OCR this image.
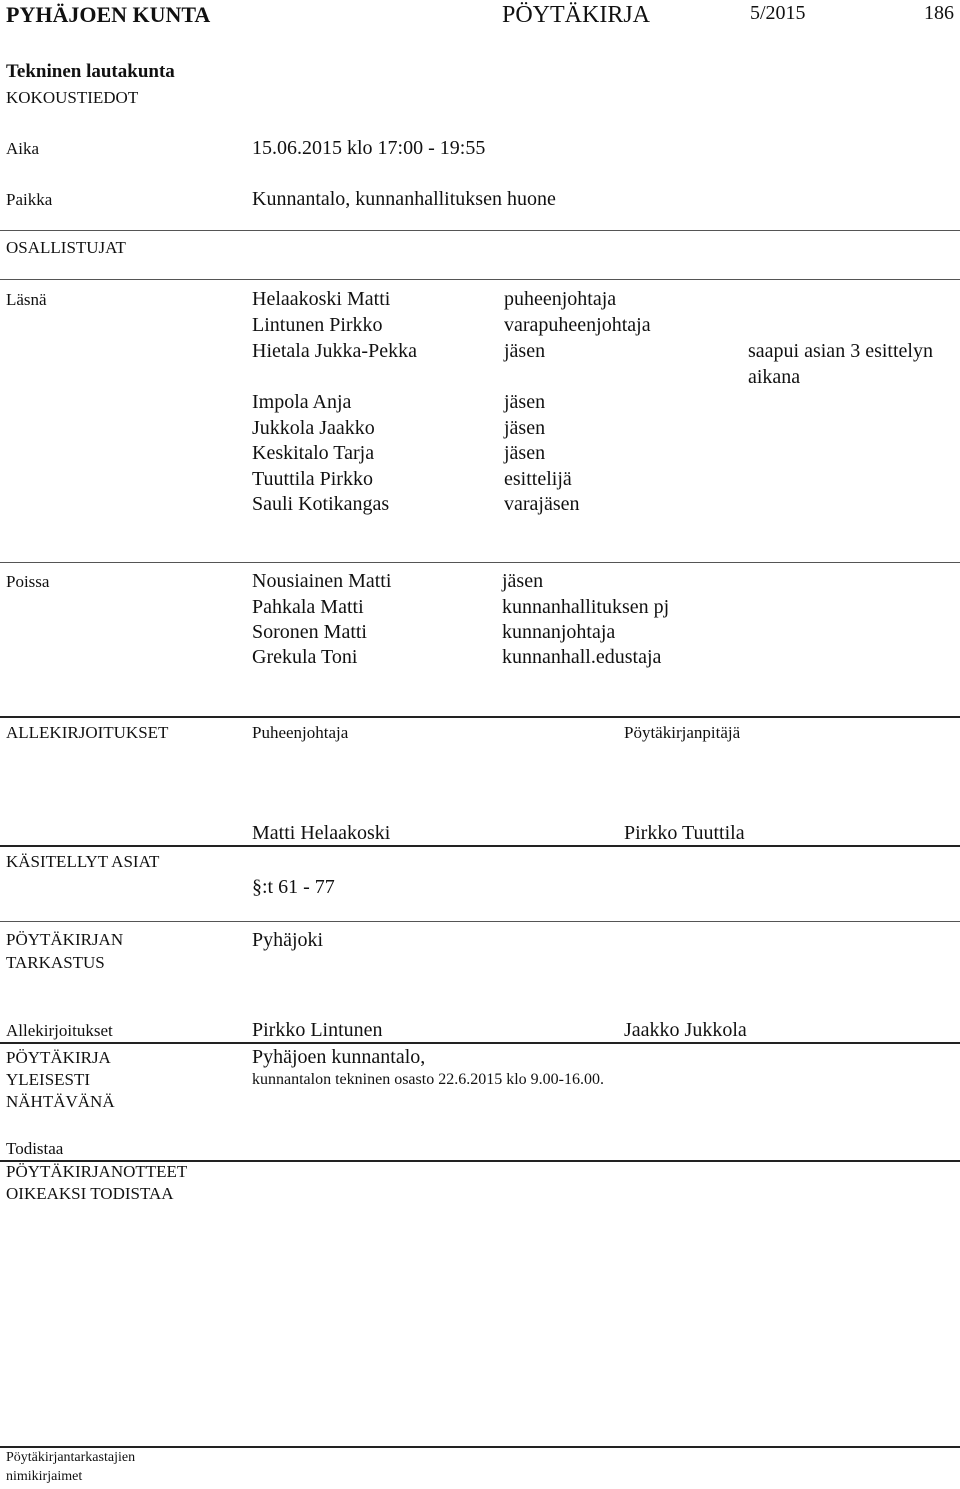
PYHÄJOEN KUNTA	PÖYTÄKIRJA	5/2015	186
Tekninen lautakunta
KOKOUSTIEDOT
Aika	15.06.2015 klo 17:00 - 19:55
Paikka	Kunnantalo, kunnanhallituksen huone
OSALLISTUJAT
Läsnä	Helaakoski Matti	puheenjohtaja
Lintunen Pirkko	varapuheenjohtaja
Hietala Jukka-Pekka	jäsen	saapui asian 3 esittelyn
aikana
Impola Anja	jäsen
Jukkola Jaakko	jäsen
Keskitalo Tarja	jäsen
Tuuttila Pirkko	esittelijä
Sauli Kotikangas	varajäsen
Poissa	Nousiainen Matti	jäsen
Pahkala Matti	kunnanhallituksen pj
Soronen Matti	kunnanjohtaja
Grekula Toni	kunnanhall.edustaja
ALLEKIRJOITUKSET	Puheenjohtaja	Pöytäkirjanpitäjä
Matti Helaakoski	Pirkko Tuuttila
KÄSITELLYT ASIAT
§:t 61 - 77
PÖYTÄKIRJAN
TARKASTUS
Pyhäjoki
Allekirjoitukset	Pirkko Lintunen	Jaakko Jukkola
PÖYTÄKIRJA
YLEISESTI
NÄHTÄVÄNÄ
Pyhäjoen kunnantalo,
kunnantalon tekninen osasto 22.6.2015 klo 9.00-16.00.
Todistaa
PÖYTÄKIRJANOTTEET
OIKEAKSI TODISTAA
Pöytäkirjantarkastajien
nimikirjaimet
